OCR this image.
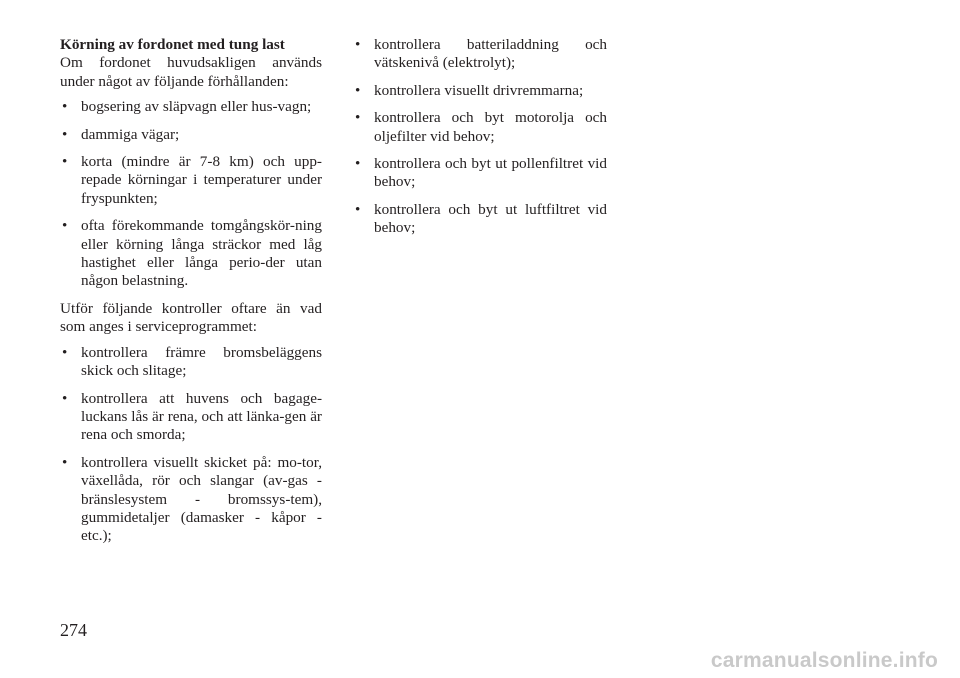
Körning av fordonet med tung last

Om fordonet huvudsakligen används under något av följande förhållanden:

• bogsering av släpvagn eller hus-vagn;
• dammiga vägar;
• korta (mindre är 7-8 km) och upp-repade körningar i temperaturer under fryspunkten;
• ofta förekommande tomgångskör-ning eller körning långa sträckor med låg hastighet eller långa perio-der utan någon belastning.

Utför följande kontroller oftare än vad som anges i serviceprogrammet:

• kontrollera främre bromsbeläggens skick och slitage;
• kontrollera att huvens och bagage-luckans lås är rena, och att länka-gen är rena och smorda;
• kontrollera visuellt skicket på: mo-tor, växellåda, rör och slangar (av-gas - bränslesystem - bromssys-tem), gummidetaljer (damasker - kåpor - etc.);
• kontrollera batteriladdning och vätskenivå (elektrolyt);
• kontrollera visuellt drivremmarna;
• kontrollera och byt motorolja och oljefilter vid behov;
• kontrollera och byt ut pollenfiltret vid behov;
• kontrollera och byt ut luftfiltret vid behov;
274
carmanualsonline.info
